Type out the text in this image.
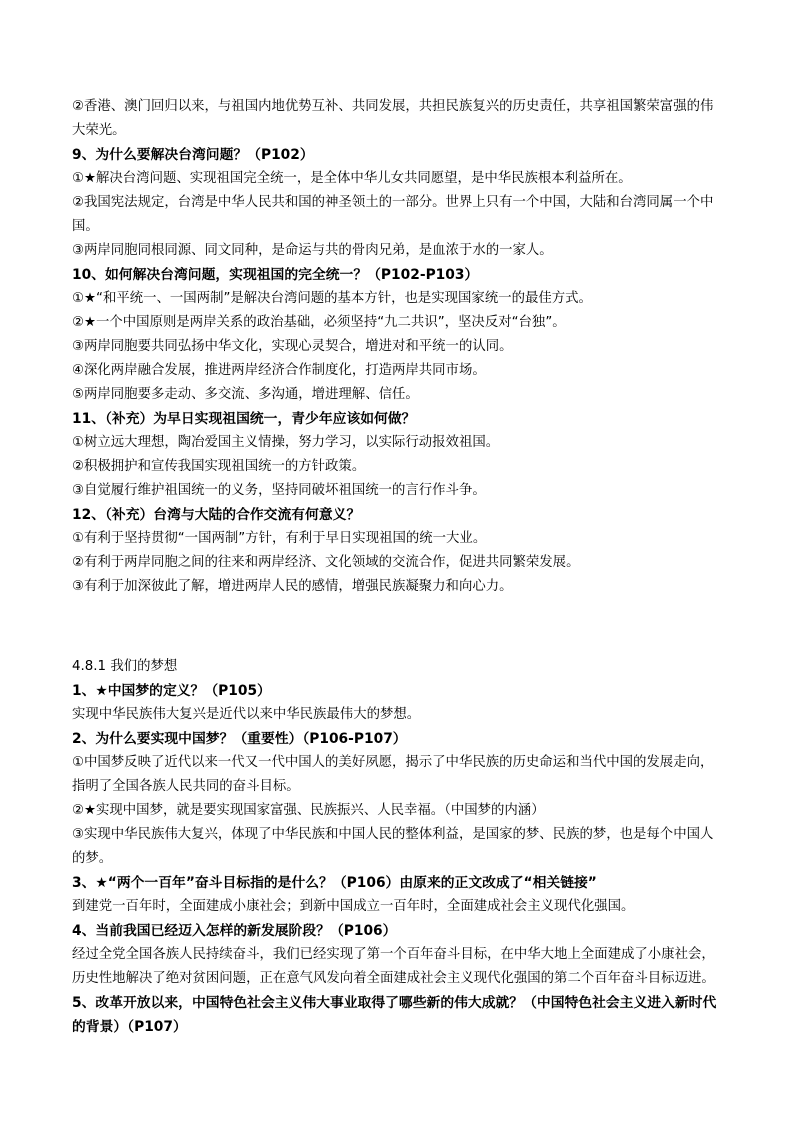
②香港、澳门回归以来，与祖国内地优势互补、共同发展，共担民族复兴的历史责任，共享祖国繁荣富强的伟大荣光。

9、为什么要解决台湾问题？（P102）

①★解决台湾问题、实现祖国完全统一，是全体中华儿女共同愿望，是中华民族根本利益所在。

②我国宪法规定，台湾是中华人民共和国的神圣领土的一部分。世界上只有一个中国，大陆和台湾同属一个中国。

③两岸同胞同根同源、同文同种，是命运与共的骨肉兄弟，是血浓于水的一家人。

10、如何解决台湾问题，实现祖国的完全统一？（P102-P103）

①★“和平统一、一国两制”是解决台湾问题的基本方针，也是实现国家统一的最佳方式。

②★一个中国原则是两岸关系的政治基础，必须坚持“九二共识”，坚决反对“台独”。

③两岸同胞要共同弘扬中华文化，实现心灵契合，增进对和平统一的认同。

④深化两岸融合发展，推进两岸经济合作制度化，打造两岸共同市场。

⑤两岸同胞要多走动、多交流、多沟通，增进理解、信任。

11、（补充）为早日实现祖国统一，青少年应该如何做？

①树立远大理想，陶冶爱国主义情操，努力学习，以实际行动报效祖国。

②积极拥护和宣传我国实现祖国统一的方针政策。

③自觉履行维护祖国统一的义务，坚持同破坏祖国统一的言行作斗争。

12、（补充）台湾与大陆的合作交流有何意义？

①有利于坚持贯彻“一国两制”方针，有利于早日实现祖国的统一大业。

②有利于两岸同胞之间的往来和两岸经济、文化领域的交流合作，促进共同繁荣发展。

③有利于加深彼此了解，增进两岸人民的感情，增强民族凝聚力和向心力。

4.8.1 我们的梦想

1、★中国梦的定义？（P105）

实现中华民族伟大复兴是近代以来中华民族最伟大的梦想。

2、为什么要实现中国梦？（重要性）（P106-P107）

①中国梦反映了近代以来一代又一代中国人的美好夙愿，揭示了中华民族的历史命运和当代中国的发展走向，指明了全国各族人民共同的奋斗目标。

②★实现中国梦，就是要实现国家富强、民族振兴、人民幸福。（中国梦的内涵）

③实现中华民族伟大复兴，体现了中华民族和中国人民的整体利益，是国家的梦、民族的梦，也是每个中国人的梦。

3、★“两个一百年”奋斗目标指的是什么？（P106）由原来的正文改成了“相关链接”

到建党一百年时，全面建成小康社会；到新中国成立一百年时，全面建成社会主义现代化强国。

4、当前我国已经迈入怎样的新发展阶段？（P106）

经过全党全国各族人民持续奋斗，我们已经实现了第一个百年奋斗目标，在中华大地上全面建成了小康社会，历史性地解决了绝对贫困问题，正在意气风发向着全面建成社会主义现代化强国的第二个百年奋斗目标迈进。

5、改革开放以来，中国特色社会主义伟大事业取得了哪些新的伟大成就？（中国特色社会主义进入新时代的背景）（P107）
